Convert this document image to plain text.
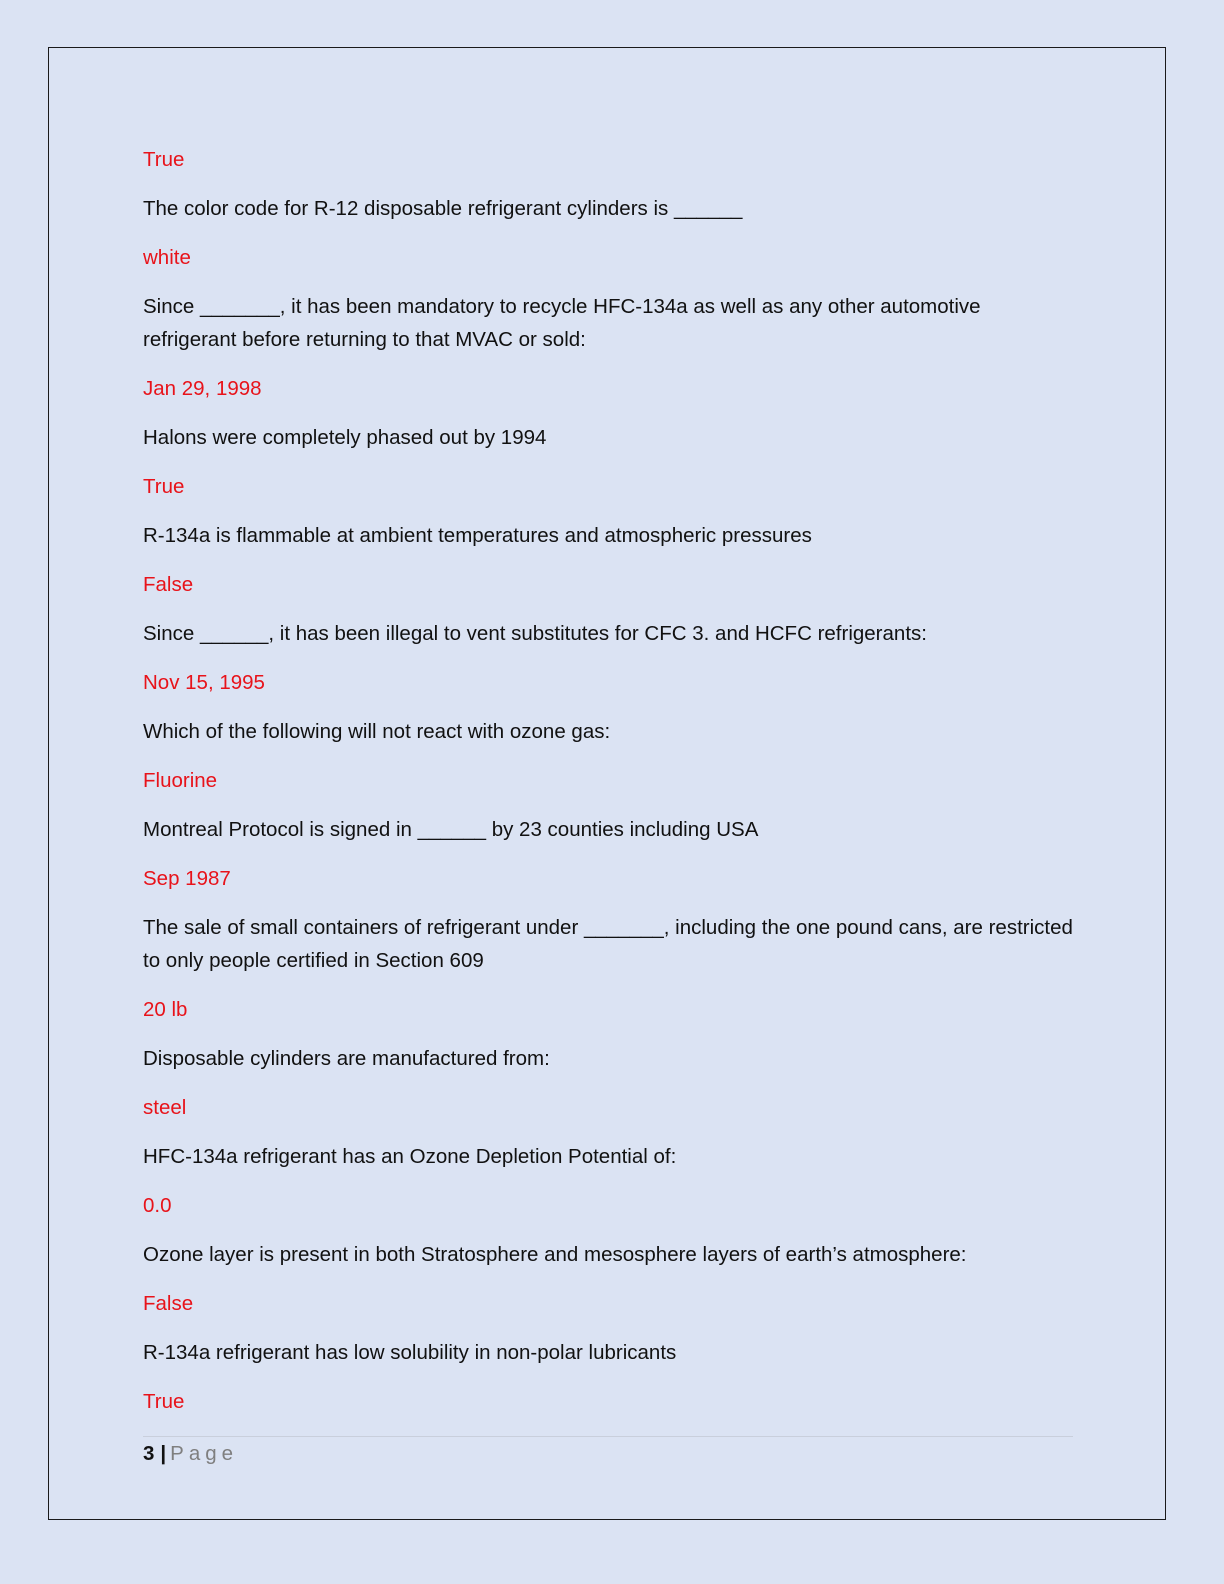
True

The color code for R-12 disposable refrigerant cylinders is ______

white

Since _______, it has been mandatory to recycle HFC-134a as well as any other automotive refrigerant before returning to that MVAC or sold:

Jan 29, 1998

Halons were completely phased out by 1994

True

R-134a is flammable at ambient temperatures and atmospheric pressures

False

Since ______, it has been illegal to vent substitutes for CFC 3. and HCFC refrigerants:

Nov 15, 1995

Which of the following will not react with ozone gas:

Fluorine

Montreal Protocol is signed in ______ by 23 counties including USA

Sep 1987

The sale of small containers of refrigerant under _______, including the one pound cans, are restricted to only people certified in Section 609

20 lb

Disposable cylinders are manufactured from:

steel

HFC-134a refrigerant has an Ozone Depletion Potential of:

0.0

Ozone layer is present in both Stratosphere and mesosphere layers of earth’s atmosphere:

False

R-134a refrigerant has low solubility in non-polar lubricants

True

3 | Page
